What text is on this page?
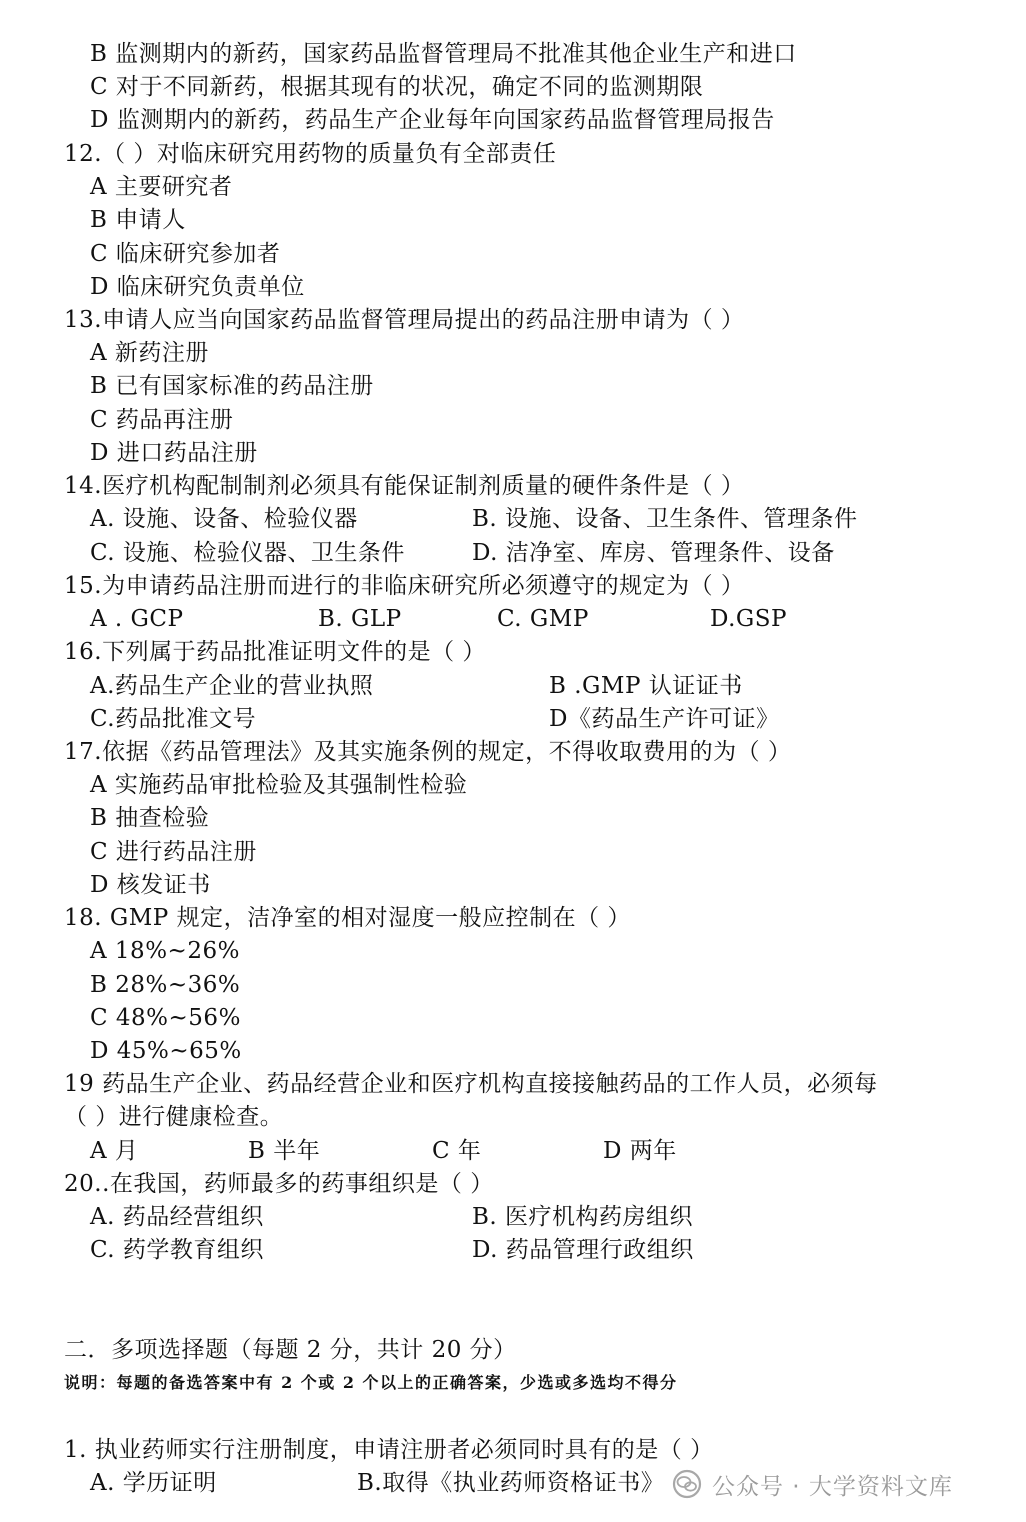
B 监测期内的新药，国家药品监督管理局不批准其他企业生产和进口
C 对于不同新药，根据其现有的状况，确定不同的监测期限
D 监测期内的新药，药品生产企业每年向国家药品监督管理局报告
12.（ ）对临床研究用药物的质量负有全部责任
A 主要研究者
B 申请人
C 临床研究参加者
D 临床研究负责单位
13.申请人应当向国家药品监督管理局提出的药品注册申请为（ ）
A 新药注册
B 已有国家标准的药品注册
C 药品再注册
D 进口药品注册
14.医疗机构配制制剂必须具有能保证制剂质量的硬件条件是（ ）
A. 设施、设备、检验仪器	B. 设施、设备、卫生条件、管理条件
C. 设施、检验仪器、卫生条件	D. 洁净室、库房、管理条件、设备
15.为申请药品注册而进行的非临床研究所必须遵守的规定为（ ）
A . GCP	B. GLP	C. GMP	D.GSP
16.下列属于药品批准证明文件的是（ ）
A.药品生产企业的营业执照	B .GMP 认证证书
C.药品批准文号	D《药品生产许可证》
17.依据《药品管理法》及其实施条例的规定，不得收取费用的为（ ）
A 实施药品审批检验及其强制性检验
B 抽查检验
C 进行药品注册
D 核发证书
18. GMP 规定，洁净室的相对湿度一般应控制在（ ）
A 18%~26%
B 28%~36%
C 48%~56%
D 45%~65%
19 药品生产企业、药品经营企业和医疗机构直接接触药品的工作人员，必须每
（ ）进行健康检查。
A 月	B 半年	C 年	D 两年
20..在我国，药师最多的药事组织是（ ）
A. 药品经营组织	B. 医疗机构药房组织
C. 药学教育组织	D. 药品管理行政组织
二．多项选择题（每题 2 分，共计 20 分）
说明：每题的备选答案中有 2 个或 2 个以上的正确答案，少选或多选均不得分
1. 执业药师实行注册制度，申请注册者必须同时具有的是（ ）
A. 学历证明	B.取得《执业药师资格证书》 公众号 · 大学资料文库
